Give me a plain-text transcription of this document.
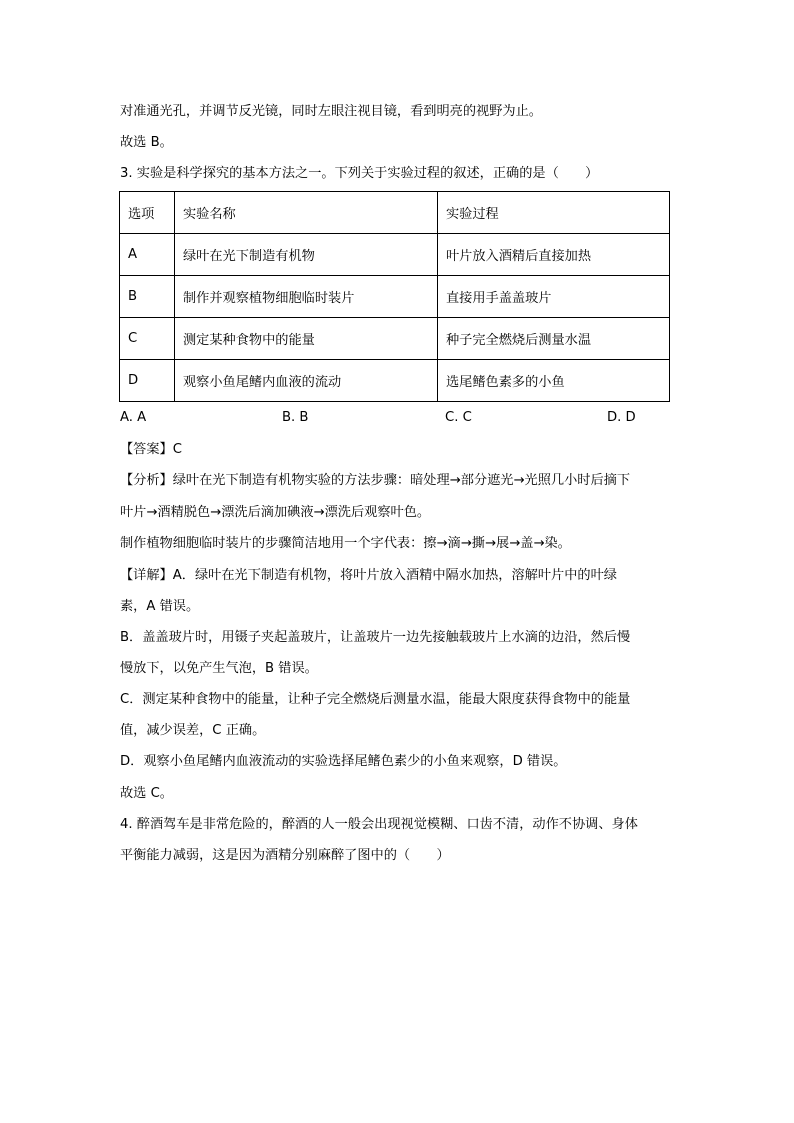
对准通光孔，并调节反光镜，同时左眼注视目镜，看到明亮的视野为止。
故选 B。
3. 实验是科学探究的基本方法之一。下列关于实验过程的叙述，正确的是（　　）
选项	实验名称	实验过程
A	绿叶在光下制造有机物	叶片放入酒精后直接加热
B	制作并观察植物细胞临时装片	直接用手盖盖玻片
C	测定某种食物中的能量	种子完全燃烧后测量水温
D	观察小鱼尾鳍内血液的流动	选尾鳍色素多的小鱼
A. A	B. B	C. C	D. D
【答案】C
【分析】绿叶在光下制造有机物实验的方法步骤：暗处理→部分遮光→光照几小时后摘下
叶片→酒精脱色→漂洗后滴加碘液→漂洗后观察叶色。
制作植物细胞临时装片的步骤简洁地用一个字代表：擦→滴→撕→展→盖→染。
【详解】A．绿叶在光下制造有机物，将叶片放入酒精中隔水加热，溶解叶片中的叶绿
素，A 错误。
B．盖盖玻片时，用镊子夹起盖玻片，让盖玻片一边先接触载玻片上水滴的边沿，然后慢
慢放下，以免产生气泡，B 错误。
C．测定某种食物中的能量，让种子完全燃烧后测量水温，能最大限度获得食物中的能量
值，减少误差，C 正确。
D．观察小鱼尾鳍内血液流动的实验选择尾鳍色素少的小鱼来观察，D 错误。
故选 C。
4. 醉酒驾车是非常危险的，醉酒的人一般会出现视觉模糊、口齿不清，动作不协调、身体
平衡能力减弱，这是因为酒精分别麻醉了图中的（　　）
